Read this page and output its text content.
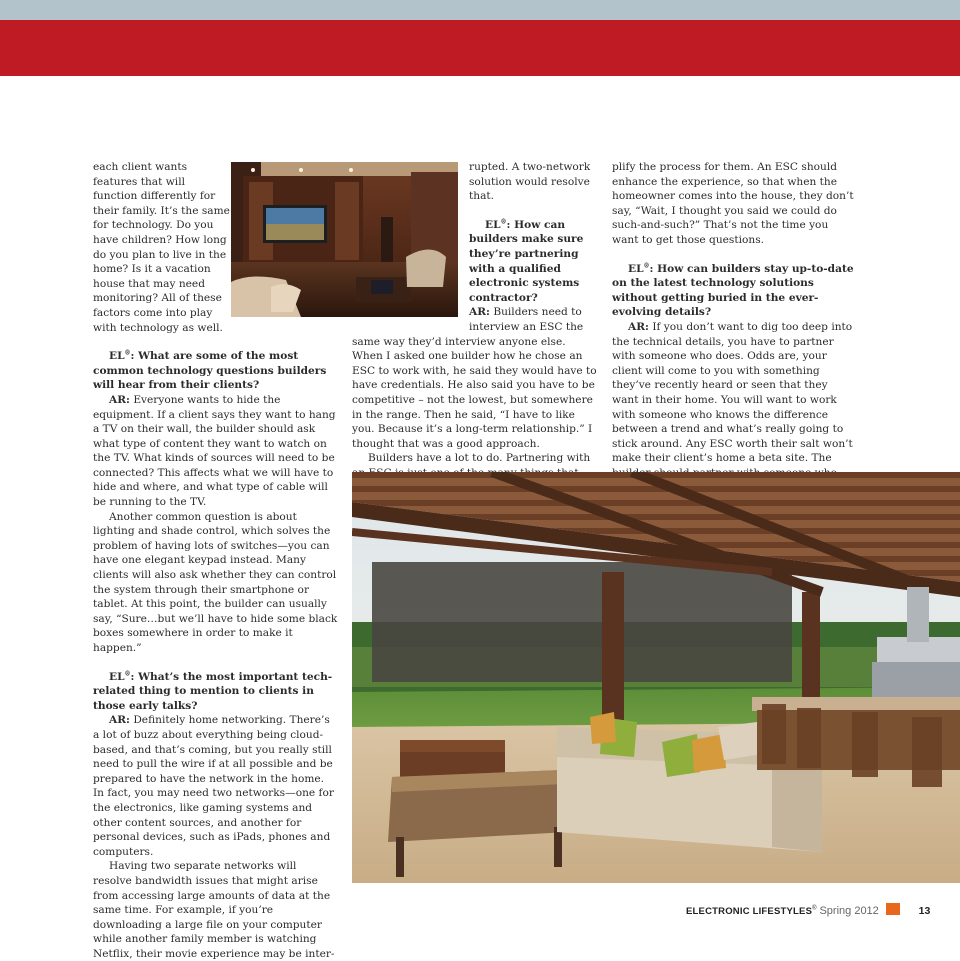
each client wants features that will function differently for their family. It’s the same for technology. Do you have children? How long do you plan to live in the home? Is it a vacation house that may need monitoring? All of these factors come into play with technology as well.

EL®: What are some of the most common technology questions builders will hear from their clients?

AR: Everyone wants to hide the equipment. If a client says they want to hang a TV on their wall, the builder should ask what type of content they want to watch on the TV. What kinds of sources will need to be connected? This affects what we will have to hide and where, and what type of cable will be running to the TV.

Another common question is about lighting and shade control, which solves the problem of having lots of switches—you can have one elegant keypad instead. Many clients will also ask whether they can control the system through their smartphone or tablet. At this point, the builder can usually say, “Sure…but we’ll have to hide some black boxes somewhere in order to make it happen.”

EL®: What’s the most important tech-related thing to mention to clients in those early talks?

AR: Definitely home networking. There’s a lot of buzz about everything being cloud-based, and that’s coming, but you really still need to pull the wire if at all possible and be prepared to have the network in the home. In fact, you may need two networks—one for the electronics, like gaming systems and other content sources, and another for personal devices, such as iPads, phones and computers.

Having two separate networks will resolve bandwidth issues that might arise from accessing large amounts of data at the same time. For example, if you’re downloading a large file on your computer while another family member is watching Netflix, their movie experience may be inter-

rupted. A two-network solution would resolve that.

EL®: How can builders make sure they’re partnering with a qualified electronic systems contractor?

AR: Builders need to interview an ESC the same way they’d interview anyone else. When I asked one builder how he chose an ESC to work with, he said they would have to have credentials. He also said you have to be competitive – not the lowest, but somewhere in the range. Then he said, “I have to like you. Because it’s a long-term relationship.” I thought that was a good approach.

Builders have a lot to do. Partnering with

plify the process for them. An ESC should enhance the experience, so that when the homeowner comes into the house, they don’t say, “Wait, I thought you said we could do such-and-such?” That’s not the time you want to get those questions.

EL®: How can builders stay up-to-date on the latest technology solutions without getting buried in the ever-evolving details?

AR: If you don’t want to dig too deep into the technical details, you have to partner with someone who does. Odds are, your client will come to you with something they’ve recently heard or seen that they want in their home. You will want to work with someone who knows the difference between a trend and what’s really going to stick around. Any ESC worth their salt won’t make their client’s home a beta site. The

ELECTRONIC LIFESTYLES® Spring 2012	13
